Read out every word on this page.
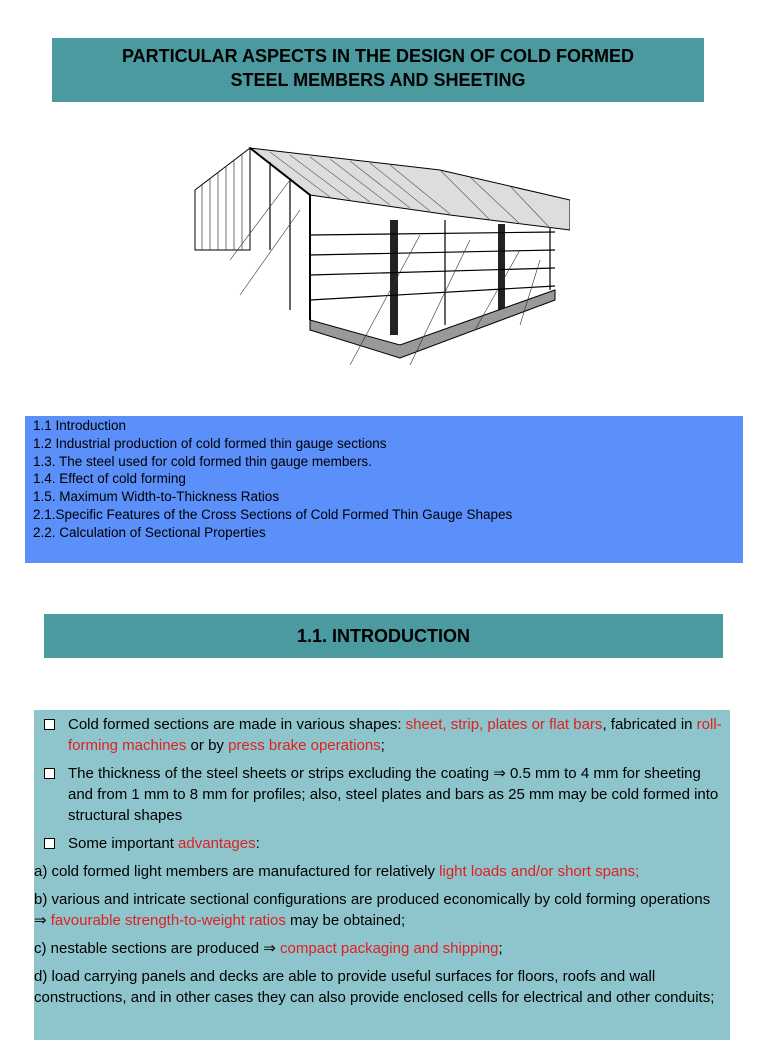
PARTICULAR ASPECTS IN THE DESIGN OF COLD FORMED
STEEL MEMBERS AND SHEETING
1.1 Introduction
1.2 Industrial production of cold formed thin gauge sections
1.3. The steel used for cold formed thin gauge members.
1.4. Effect of cold forming
1.5. Maximum Width-to-Thickness Ratios
2.1.Specific Features of the Cross Sections of Cold Formed Thin Gauge Shapes
2.2. Calculation of Sectional Properties
1.1. INTRODUCTION
Cold formed sections are made in various shapes: sheet, strip, plates or flat bars, fabricated in roll-forming machines or by press brake operations;
The thickness of the steel sheets or strips excluding the coating ⇒ 0.5 mm to 4 mm for sheeting and from 1 mm to 8 mm for profiles; also, steel plates and bars as 25 mm may be cold formed into structural shapes
Some important advantages:
a) cold formed light members are manufactured for relatively light loads and/or short spans;
b) various and intricate sectional configurations are produced economically by cold forming operations ⇒ favourable strength-to-weight ratios may be obtained;
c) nestable sections are produced ⇒ compact packaging and shipping;
d) load carrying panels and decks are able to provide useful surfaces for floors, roofs and wall constructions, and in other cases they can also provide enclosed cells for electrical and other conduits;
